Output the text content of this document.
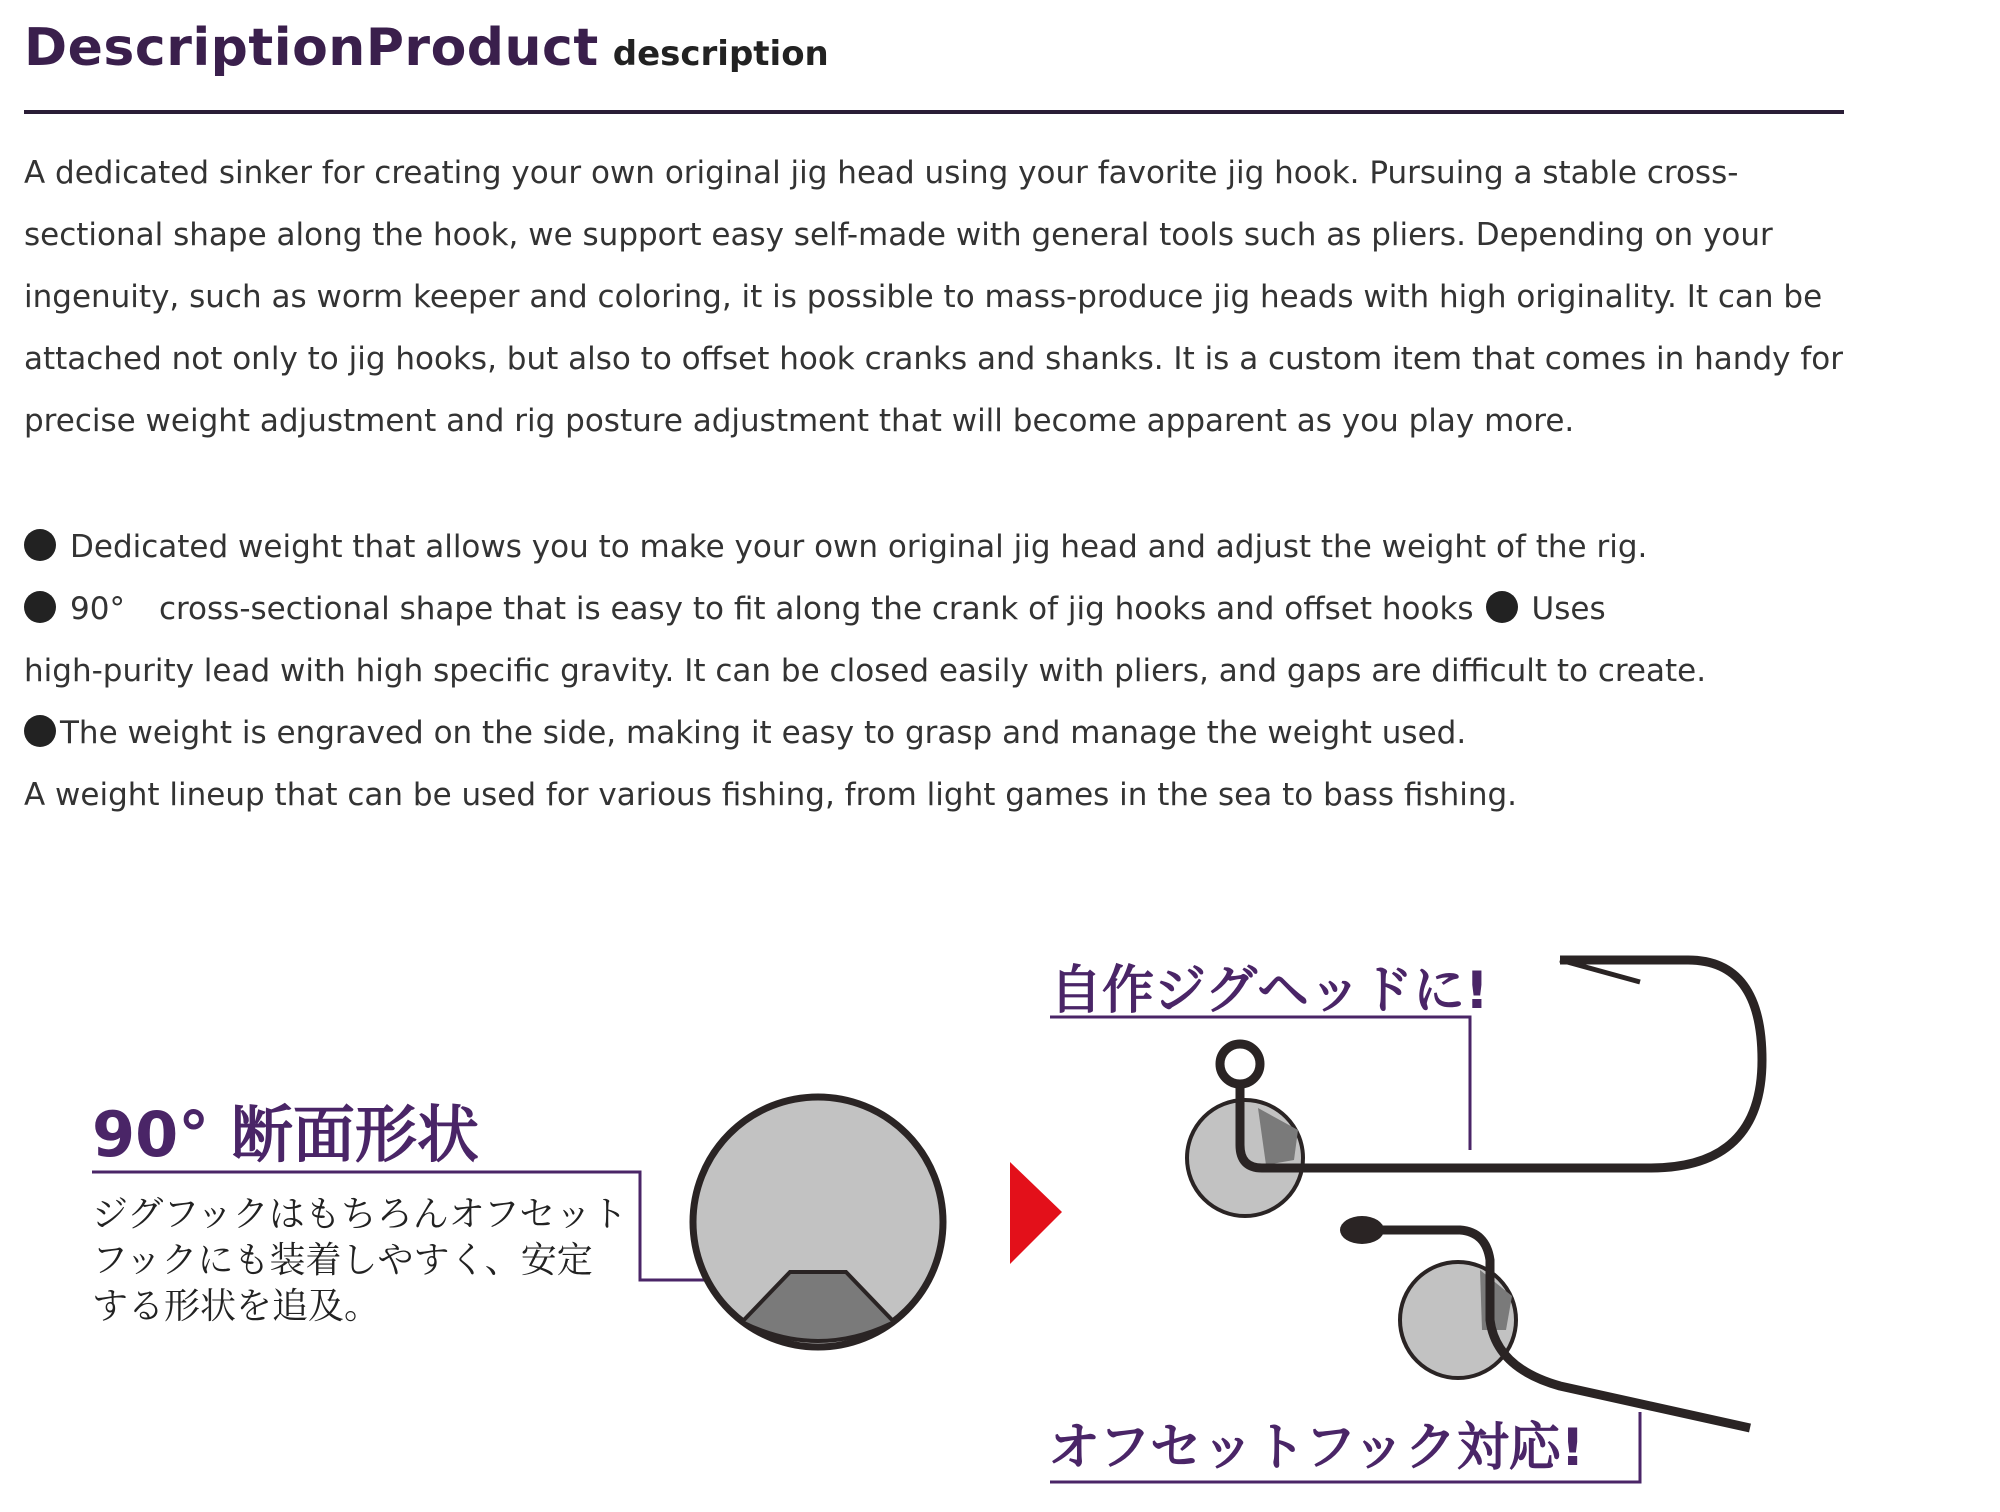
DescriptionProduct description

A dedicated sinker for creating your own original jig head using your favorite jig hook. Pursuing a stable cross-

sectional shape along the hook, we support easy self-made with general tools such as pliers. Depending on your

ingenuity, such as worm keeper and coloring, it is possible to mass-produce jig heads with high originality. It can be

attached not only to jig hooks, but also to offset hook cranks and shanks. It is a custom item that comes in handy for

precise weight adjustment and rig posture adjustment that will become apparent as you play more.

Dedicated weight that allows you to make your own original jig head and adjust the weight of the rig.

90° cross-sectional shape that is easy to fit along the crank of jig hooks and offset hooks Uses

high-purity lead with high specific gravity. It can be closed easily with pliers, and gaps are difficult to create.

The weight is engraved on the side, making it easy to grasp and manage the weight used.

A weight lineup that can be used for various fishing, from light games in the sea to bass fishing.

90° 断面形状
ジグフックはもちろんオフセット
フックにも装着しやすく、安定
する形状を追及。
自作ジグヘッドに!
オフセットフック対応!
